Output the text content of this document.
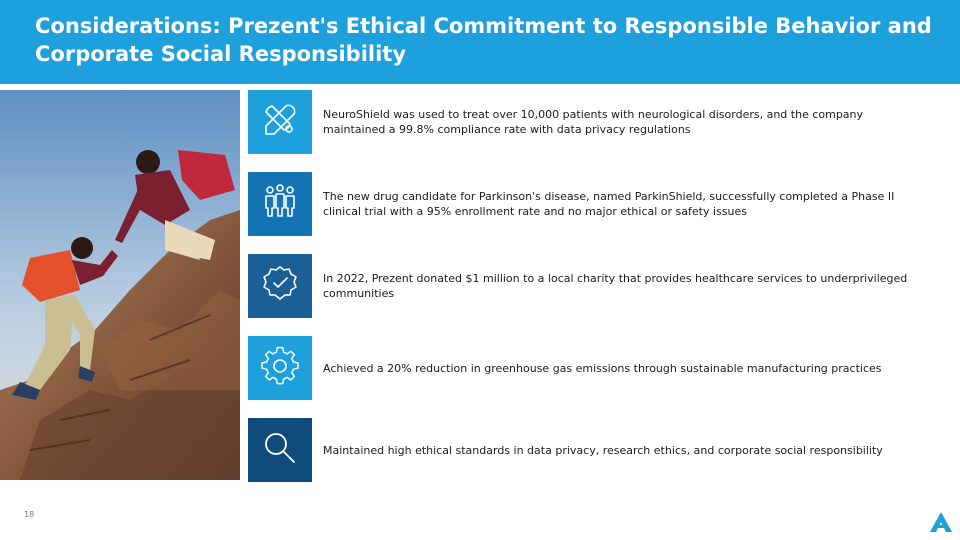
Considerations: Prezent's Ethical Commitment to Responsible Behavior and Corporate Social Responsibility
NeuroShield was used to treat over 10,000 patients with neurological disorders, and the company maintained a 99.8% compliance rate with data privacy regulations
The new drug candidate for Parkinson's disease, named ParkinShield, successfully completed a Phase II clinical trial with a 95% enrollment rate and no major ethical or safety issues
In 2022, Prezent donated $1 million to a local charity that provides healthcare services to underprivileged communities
Achieved a 20% reduction in greenhouse gas emissions through sustainable manufacturing practices
Maintained high ethical standards in data privacy, research ethics, and corporate social responsibility
18
